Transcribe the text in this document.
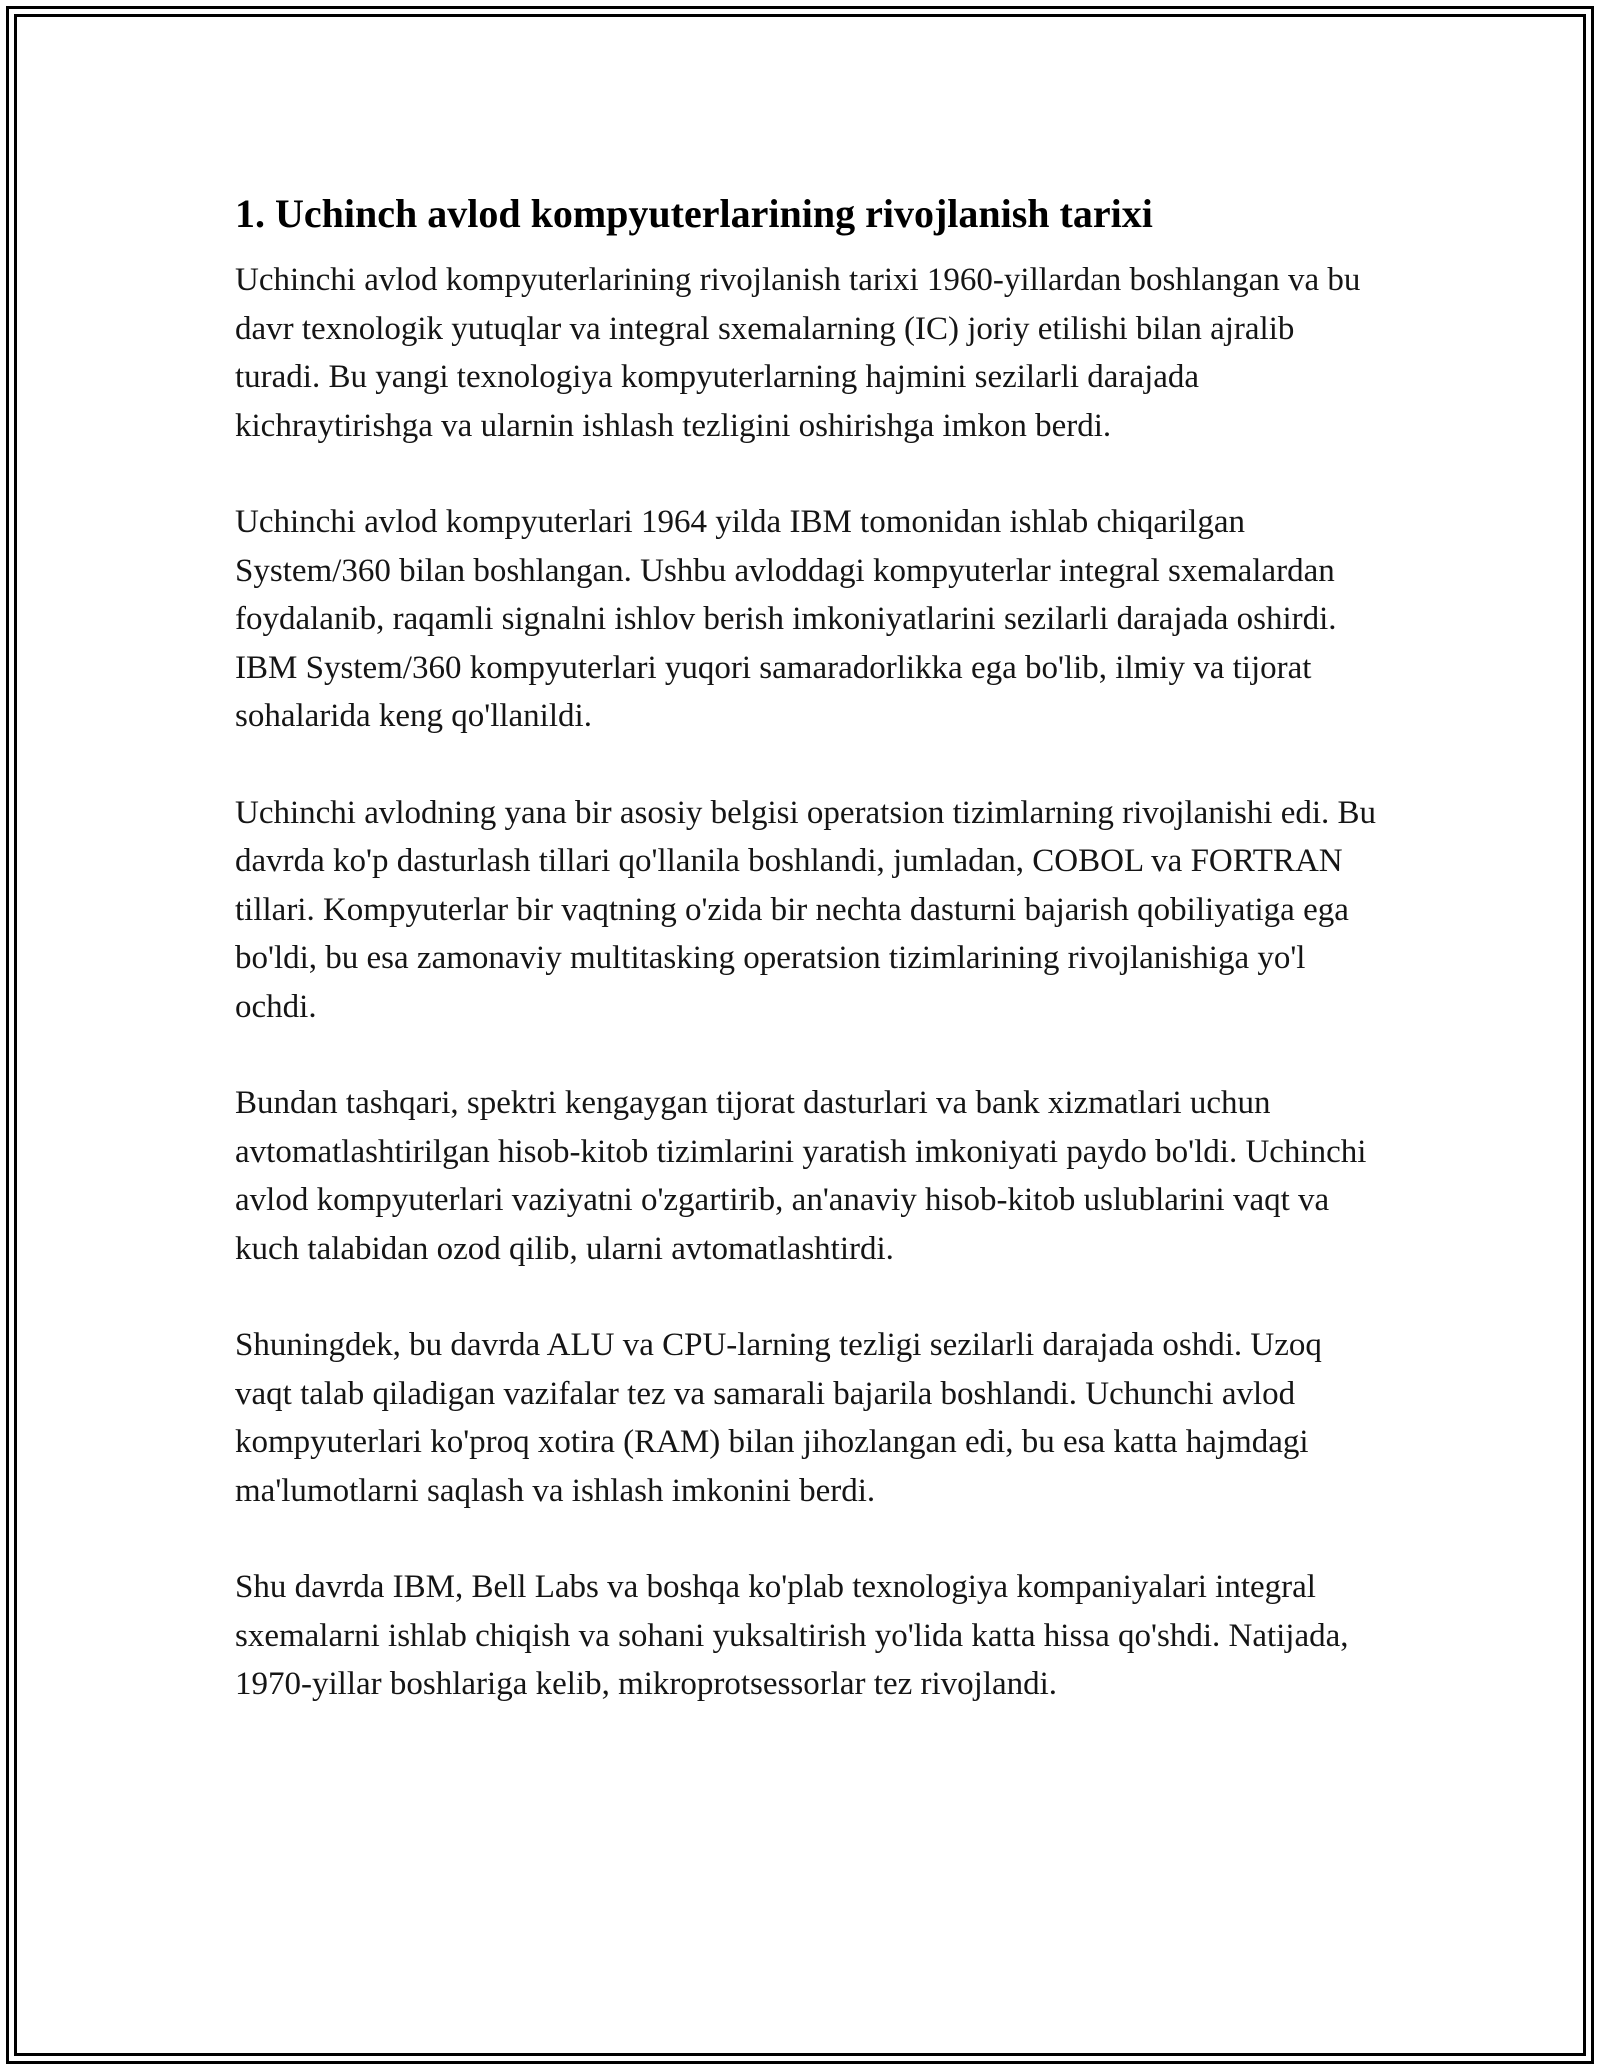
1. Uchinch avlod kompyuterlarining rivojlanish tarixi

Uchinchi avlod kompyuterlarining rivojlanish tarixi 1960-yillardan boshlangan va bu davr texnologik yutuqlar va integral sxemalarning (IC) joriy etilishi bilan ajralib turadi. Bu yangi texnologiya kompyuterlarning hajmini sezilarli darajada kichraytirishga va ularnin ishlash tezligini oshirishga imkon berdi.

Uchinchi avlod kompyuterlari 1964 yilda IBM tomonidan ishlab chiqarilgan System/360 bilan boshlangan. Ushbu avloddagi kompyuterlar integral sxemalardan foydalanib, raqamli signalni ishlov berish imkoniyatlarini sezilarli darajada oshirdi. IBM System/360 kompyuterlari yuqori samaradorlikka ega bo'lib, ilmiy va tijorat sohalarida keng qo'llanildi.

Uchinchi avlodning yana bir asosiy belgisi operatsion tizimlarning rivojlanishi edi. Bu davrda ko'p dasturlash tillari qo'llanila boshlandi, jumladan, COBOL va FORTRAN tillari. Kompyuterlar bir vaqtning o'zida bir nechta dasturni bajarish qobiliyatiga ega bo'ldi, bu esa zamonaviy multitasking operatsion tizimlarining rivojlanishiga yo'l ochdi.

Bundan tashqari, spektri kengaygan tijorat dasturlari va bank xizmatlari uchun avtomatlashtirilgan hisob-kitob tizimlarini yaratish imkoniyati paydo bo'ldi. Uchinchi avlod kompyuterlari vaziyatni o'zgartirib, an'anaviy hisob-kitob uslublarini vaqt va kuch talabidan ozod qilib, ularni avtomatlashtirdi.

Shuningdek, bu davrda ALU va CPU-larning tezligi sezilarli darajada oshdi. Uzoq vaqt talab qiladigan vazifalar tez va samarali bajarila boshlandi. Uchunchi avlod kompyuterlari ko'proq xotira (RAM) bilan jihozlangan edi, bu esa katta hajmdagi ma'lumotlarni saqlash va ishlash imkonini berdi.

Shu davrda IBM, Bell Labs va boshqa ko'plab texnologiya kompaniyalari integral sxemalarni ishlab chiqish va sohani yuksaltirish yo'lida katta hissa qo'shdi. Natijada, 1970-yillar boshlariga kelib, mikroprotsessorlar tez rivojlandi.
